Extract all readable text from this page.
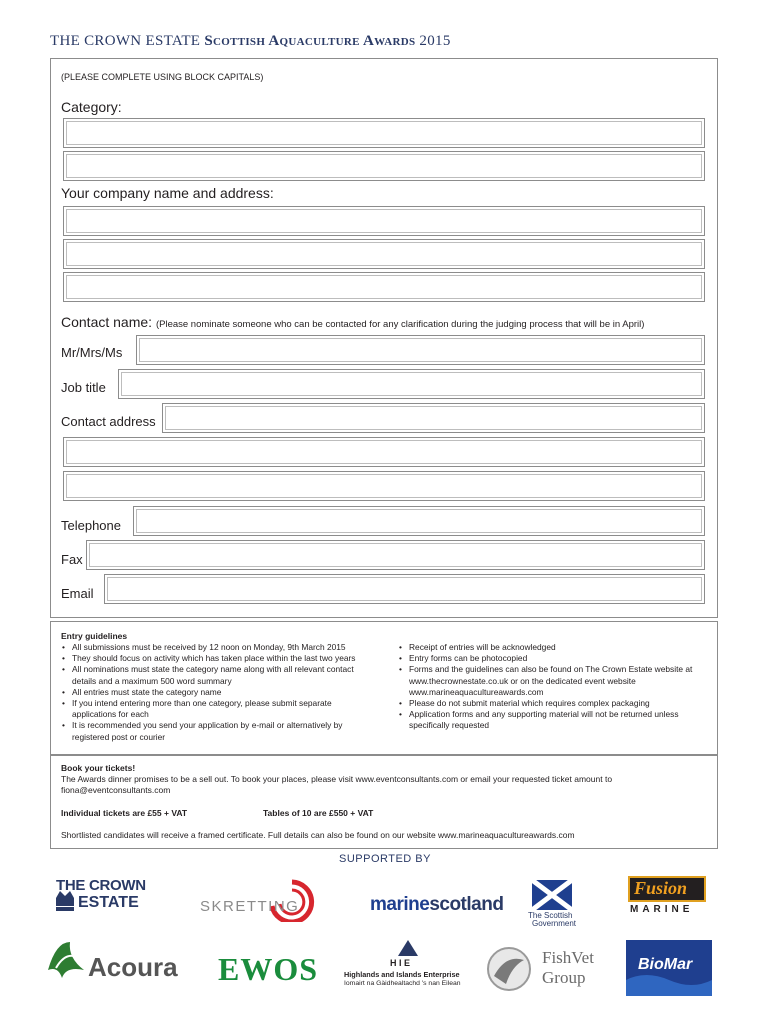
THE CROWN ESTATE Scottish Aquaculture Awards 2015
(PLEASE COMPLETE USING BLOCK CAPITALS)
Category:
Your company name and address:
Contact name: (Please nominate someone who can be contacted for any clarification during the judging process that will be in April)
Mr/Mrs/Ms
Job title
Contact address
Telephone
Fax
Email
Entry guidelines
• All submissions must be received by 12 noon on Monday, 9th March 2015
• They should focus on activity which has taken place within the last two years
• All nominations must state the category name along with all relevant contact details and a maximum 500 word summary
• All entries must state the category name
• If you intend entering more than one category, please submit separate applications for each
• It is recommended you send your application by e-mail or alternatively by registered post or courier
• Receipt of entries will be acknowledged
• Entry forms can be photocopied
• Forms and the guidelines can also be found on The Crown Estate website at www.thecrownestate.co.uk or on the dedicated event website www.marineaquacultureawards.com
• Please do not submit material which requires complex packaging
• Application forms and any supporting material will not be returned unless specifically requested
Book your tickets!
The Awards dinner promises to be a sell out. To book your places, please visit www.eventconsultants.com or email your requested ticket amount to fiona@eventconsultants.com
Individual tickets are £55 + VAT	Tables of 10 are £550 + VAT
Shortlisted candidates will receive a framed certificate. Full details can also be found on our website www.marineaquacultureawards.com
SUPPORTED BY
THE CROWN
ESTATE	SKRETTING	marinescotland
The Scottish
Government
Fusion
MARINE
Acoura EWOS	H I E
Highlands and Islands Enterprise
Iomairt na Gàidhealtachd 's nan Eilean
FishVet
Group
BioMar
